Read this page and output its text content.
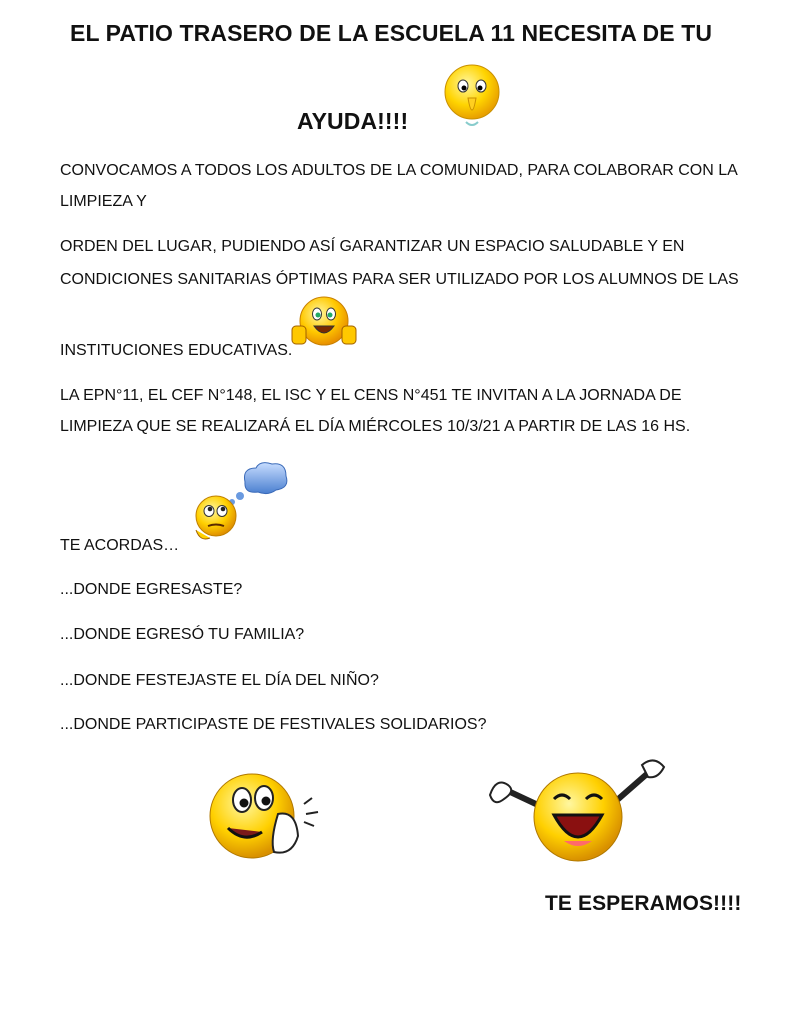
EL PATIO TRASERO DE LA ESCUELA 11 NECESITA DE TU
AYUDA!!!!
CONVOCAMOS A TODOS LOS ADULTOS DE LA COMUNIDAD, PARA COLABORAR CON LA
LIMPIEZA Y
ORDEN DEL LUGAR, PUDIENDO ASÍ GARANTIZAR UN ESPACIO SALUDABLE Y EN
CONDICIONES SANITARIAS ÓPTIMAS PARA SER UTILIZADO POR LOS ALUMNOS DE LAS
INSTITUCIONES EDUCATIVAS.
LA EPN°11, EL CEF N°148, EL ISC Y EL CENS N°451 TE INVITAN A LA JORNADA DE
LIMPIEZA QUE SE REALIZARÁ EL DÍA MIÉRCOLES 10/3/21 A PARTIR DE LAS 16 HS.
TE ACORDAS…
...DONDE EGRESASTE?
...DONDE EGRESÓ TU FAMILIA?
...DONDE FESTEJASTE EL DÍA DEL NIÑO?
...DONDE PARTICIPASTE DE FESTIVALES SOLIDARIOS?
TE ESPERAMOS!!!!
